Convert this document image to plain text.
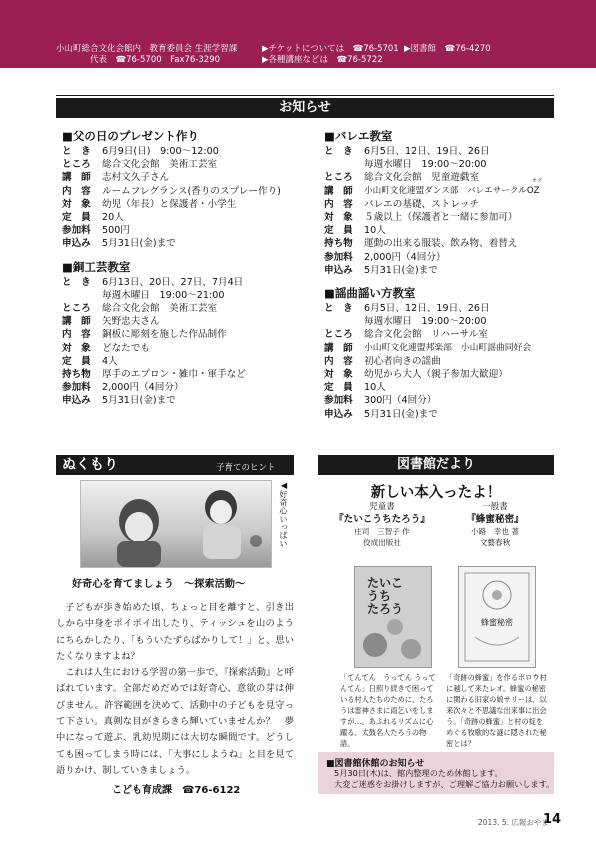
小山町総合文化会館内　教育委員会 生涯学習課
代表　 ☎76-5700　 Fax76-3290
▶チケットについては　☎76-5701 ▶図書館　☎76-4270
▶各種講座などは　☎76-5722
お知らせ
■父の日のプレゼント作り
と　き	6月9日(日)　9:00～12:00
ところ	総合文化会館　美術工芸室
講　師	志村文久子さん
内　容	ルームフレグランス(香りのスプレー作り)
対　象	幼児（年長）と保護者・小学生
定　員	20人
参加料	500円
申込み	5月31日(金)まで
■銅工芸教室
と　き	6月13日、20日、27日、7月4日
毎週木曜日　19:00～21:00
ところ	総合文化会館　美術工芸室
講　師	矢野忠夫さん
内　容	銅板に彫刻を施した作品制作
対　象	どなたでも
定　員	4人
持ち物	厚手のエプロン・雑巾・軍手など
参加料	2,000円（4回分）
申込み	5月31日(金)まで
■バレエ教室
と　き	6月5日、12日、19日、26日
毎週水曜日　19:00～20:00
ところ	総合文化会館　児童遊戯室
講　師	小山町文化連盟ダンス部　バレエサークルOZ
オズ
内　容	バレエの基礎、ストレッチ
対　象	５歳以上（保護者と一緒に参加可）
定　員	10人
持ち物	運動の出来る服装、飲み物、着替え
参加料	2,000円（4回分）
申込み	5月31日(金)まで
■謡曲謡い方教室
と　き	6月5日、12日、19日、26日
毎週水曜日　19:00～20:00
ところ	総合文化会館　リハーサル室
講　師	小山町文化連盟邦楽部　小山町謡曲同好会
内　容	初心者向きの謡曲
対　象	幼児から大人（親子参加大歓迎）
定　員	10人
参加料	300円（4回分）
申込み	5月31日(金)まで
ぬくもり	子育てのヒント
◀好奇心いっぱい
好奇心を育てましょう　～探索活動～

子どもが歩き始めた頃、ちょっと目を離すと、引き出しから中身をポイポイ出したり、ティッシュを山のようにちらかしたり、「もういたずらばかりして！」と、思いたくなりますよね？

これは人生における学習の第一歩で、『探索活動』と呼ばれています。全部だめだめでは好奇心、意欲の芽は伸びません。許容範囲を決めて、活動中の子どもを見守って下さい。真剣な目がきらきら輝いていませんか？　夢中になって遊ぶ、乳幼児期には大切な瞬間です。どうしても困ってしまう時には、「大事にしようね」と目を見て語りかけ、制していきましょう。

こども育成課　☎76-6122
図書館だより
新しい本入ったよ！
児童書
『たいこうちたろう』
庄司　三智子 作
佼成出版社
一般書
『蜂蜜秘密』
小路　幸也 著
文藝春秋
たいこうち たろう
蜂蜜秘密
「てんてん　うってん うってんてん」日照り続きで困っている村人たちのために、たろうは雷神さまに雨乞いをしますが…。あふれるリズムに心躍る、太鼓名人たろうの物語。
「奇跡の蜂蜜」を作るボロウ村に越して来たレオ。蜂蜜の秘密に関わる旧家の娘サリーは、以来次々と不思議な出来事に出会う。「奇跡の蜂蜜」と村の掟をめぐる牧歌的な謎に隠された秘密とは？
■図書館休館のお知らせ
5月30日(木)は、館内整理のため休館します。
大変ご迷惑をお掛けしますが、ご理解ご協力お願いします。
2013. 5. 広報おやま
14
